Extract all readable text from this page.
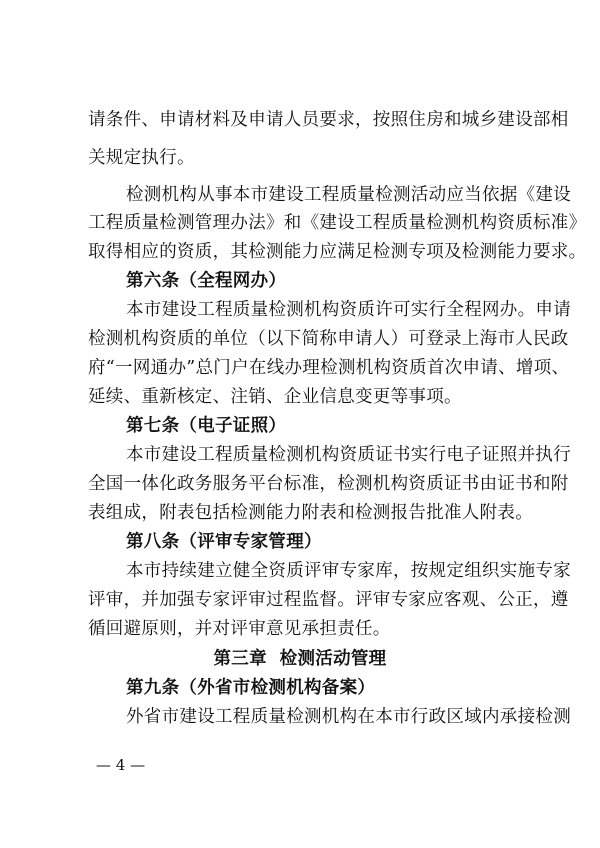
请条件、申请材料及申请人员要求，按照住房和城乡建设部相
关规定执行。
检测机构从事本市建设工程质量检测活动应当依据《建设
工程质量检测管理办法》和《建设工程质量检测机构资质标准》
取得相应的资质，其检测能力应满足检测专项及检测能力要求。
第六条（全程网办）
本市建设工程质量检测机构资质许可实行全程网办。申请
检测机构资质的单位（以下简称申请人）可登录上海市人民政
府“一网通办”总门户在线办理检测机构资质首次申请、增项、
延续、重新核定、注销、企业信息变更等事项。
第七条（电子证照）
本市建设工程质量检测机构资质证书实行电子证照并执行
全国一体化政务服务平台标准，检测机构资质证书由证书和附
表组成，附表包括检测能力附表和检测报告批准人附表。
第八条（评审专家管理）
本市持续建立健全资质评审专家库，按规定组织实施专家
评审，并加强专家评审过程监督。评审专家应客观、公正，遵
循回避原则，并对评审意见承担责任。
第三章  检测活动管理
第九条（外省市检测机构备案）
外省市建设工程质量检测机构在本市行政区域内承接检测
— 4 —
